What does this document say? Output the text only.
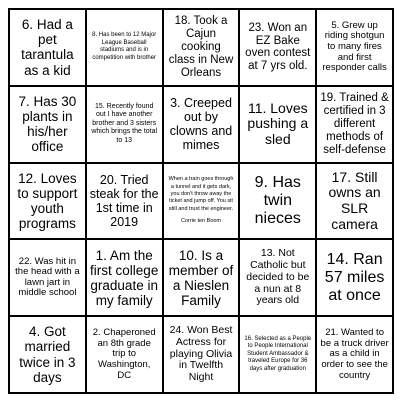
6. Had a pet tarantula as a kid
8. Has been to 12 Major League Baseball stadiums and is in competition with brother
18. Took a Cajun cooking class in New Orleans
23. Won an EZ Bake oven contest at 7 yrs old.
5. Grew up riding shotgun to many fires and first responder calls
7. Has 30 plants in his/her office
15. Recently found out I have another brother and 3 sisters which brings the total to 13
3. Creeped out by clowns and mimes
11. Loves pushing a sled
19. Trained & certified in 3 different methods of self-defense
12. Loves to support youth programs
20. Tried steak for the 1st time in 2019
When a train goes through a tunnel and it gets dark, you don't throw away the ticket and jump off. You sit still and trust the engineer.
Corrie ten Boom
9. Has twin nieces
17. Still owns an SLR camera
22. Was hit in the head with a lawn jart in middle school
1. Am the first college graduate in my family
10. Is a member of a Nieslen Family
13. Not Catholic but decided to be a nun at 8 years old
14. Ran 57 miles at once
4. Got married twice in 3 days
2. Chaperoned an 8th grade trip to Washington, DC
24. Won Best Actress for playing Olivia in Twelfth Night
16. Selected as a People to People International Student Ambassador & traveled Europe for 36 days after graduation
21. Wanted to be a truck driver as a child in order to see the country
